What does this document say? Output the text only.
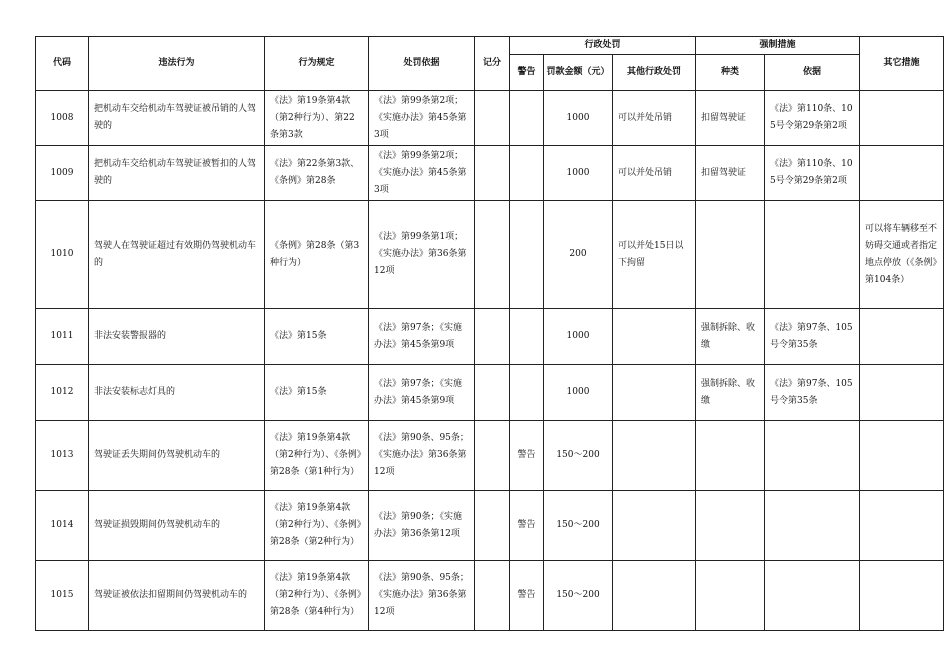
代码	违法行为	行为规定	处罚依据	记分	行政处罚			强制措施		其它措施
					警告	罚款金额（元）	其他行政处罚	种类	依据	
1008	把机动车交给机动车驾驶证被吊销的人驾驶的	《法》第19条第4款（第2种行为）、第22条第3款	《法》第99条第2项；《实施办法》第45条第3项			1000	可以并处吊销	扣留驾驶证	《法》第110条、105号令第29条第2项	
1009	把机动车交给机动车驾驶证被暂扣的人驾驶的	《法》第22条第3款、《条例》第28条	《法》第99条第2项；《实施办法》第45条第3项			1000	可以并处吊销	扣留驾驶证	《法》第110条、105号令第29条第2项	
1010	驾驶人在驾驶证超过有效期仍驾驶机动车的	《条例》第28条（第3种行为）	《法》第99条第1项；《实施办法》第36条第12项			200	可以并处15日以下拘留			可以将车辆移至不妨碍交通或者指定地点停放（《条例》第104条）
1011	非法安装警报器的	《法》第15条	《法》第97条；《实施办法》第45条第9项			1000		强制拆除、收缴	《法》第97条、105号令第35条	
1012	非法安装标志灯具的	《法》第15条	《法》第97条；《实施办法》第45条第9项			1000		强制拆除、收缴	《法》第97条、105号令第35条	
1013	驾驶证丢失期间仍驾驶机动车的	《法》第19条第4款（第2种行为）、《条例》第28条（第1种行为）	《法》第90条、95条；《实施办法》第36条第12项		警告	150～200				
1014	驾驶证损毁期间仍驾驶机动车的	《法》第19条第4款（第2种行为）、《条例》第28条（第2种行为）	《法》第90条；《实施办法》第36条第12项		警告	150～200				
1015	驾驶证被依法扣留期间仍驾驶机动车的	《法》第19条第4款（第2种行为）、《条例》第28条（第4种行为）	《法》第90条、95条；《实施办法》第36条第12项		警告	150～200				
